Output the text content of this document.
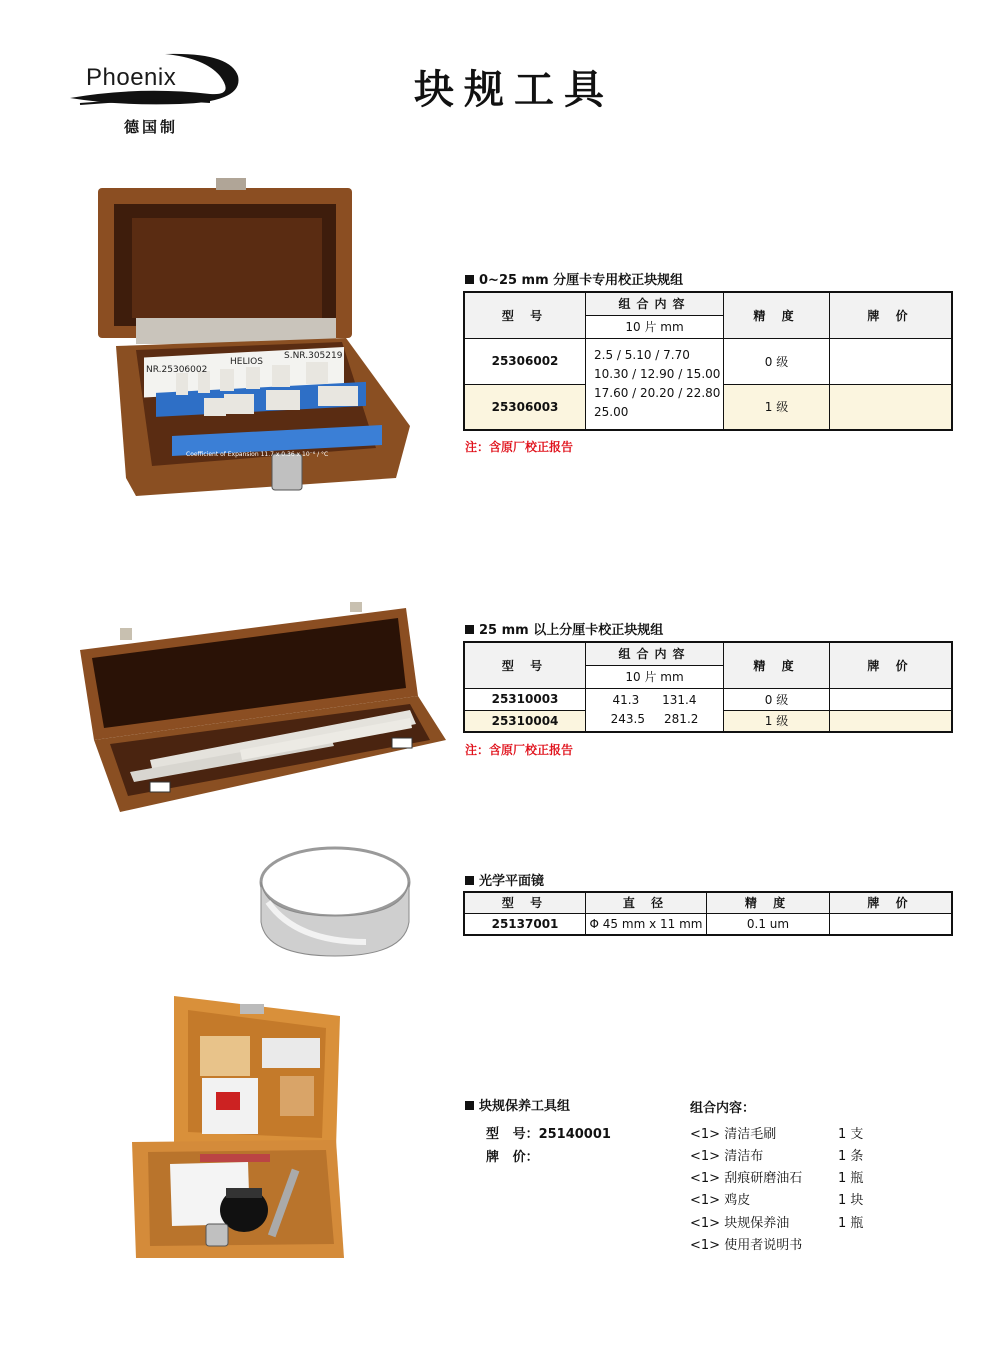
Phoenix
德国制
块规工具
NR.25306002
HELIOS
S.NR.305219
Coefficient of Expansion 11.7 x 0.36 x 10⁻⁶ / °C
0~25 mm 分厘卡专用校正块规组
型 号	组合内容	精 度	牌 价
	10 片 mm		
25306002	2.5 / 5.10 / 7.70
10.30 / 12.90 / 15.00
17.60 / 20.20 / 22.80
25.00	0 级	
25306003		1 级	
注：含原厂校正报告
25 mm 以上分厘卡校正块规组
型 号	组合内容	精 度	牌 价
	10 片 mm		
25310003	41.3      131.4
243.5     281.2	0 级	
25310004		1 级	
注：含原厂校正报告
光学平面镜
型 号	直 径	精 度	牌 价
25137001	Φ 45 mm x 11 mm	0.1 um	
块规保养工具组
型   号：25140001
牌   价：
组合内容：
<1> 清洁毛刷	1 支
<1> 清洁布	1 条
<1> 刮痕研磨油石	1 瓶
<1> 鸡皮	1 块
<1> 块规保养油	1 瓶
<1> 使用者说明书
